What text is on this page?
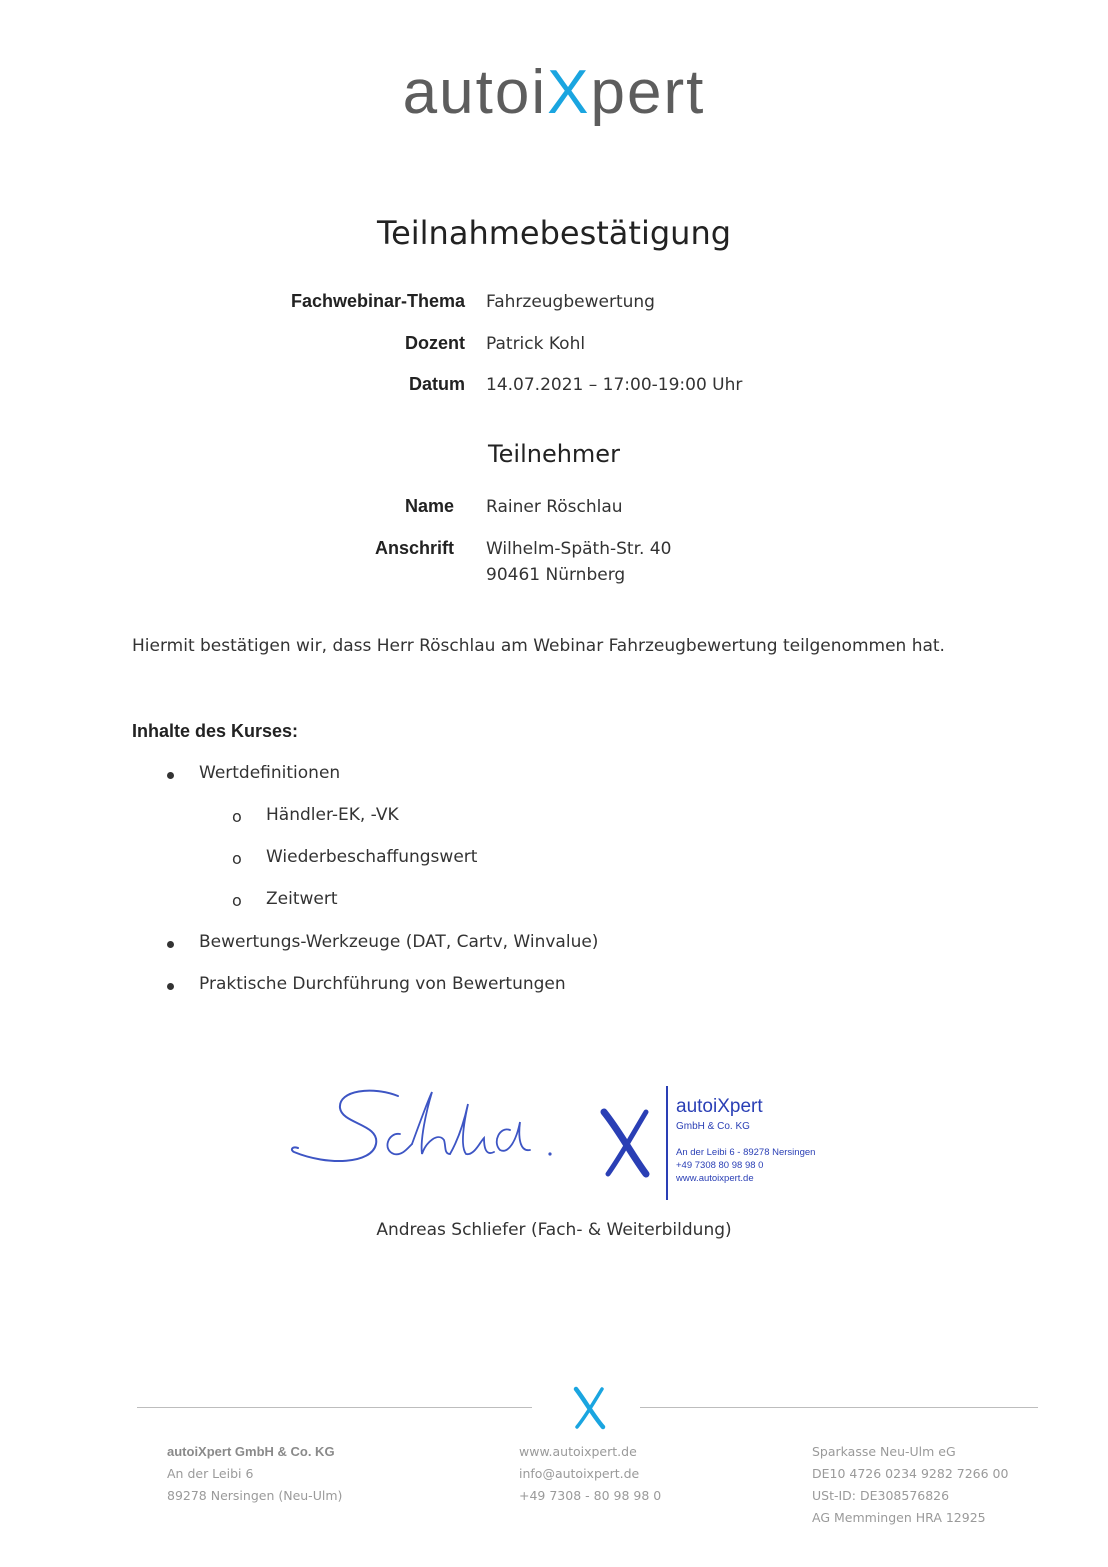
autoiXpert
Teilnahmebestätigung
Fachwebinar-Thema Fahrzeugbewertung
Dozent Patrick Kohl
Datum 14.07.2021 – 17:00-19:00 Uhr
Teilnehmer
Name Rainer Röschlau
Anschrift Wilhelm-Späth-Str. 40
90461 Nürnberg
Hiermit bestätigen wir, dass Herr Röschlau am Webinar Fahrzeugbewertung teilgenommen hat.
Inhalte des Kurses:
Wertdefinitionen
o Händler-EK, -VK
o Wiederbeschaffungswert
o Zeitwert
Bewertungs-Werkzeuge (DAT, Cartv, Winvalue)
Praktische Durchführung von Bewertungen
autoiXpert
GmbH & Co. KG
An der Leibi 6 - 89278 Nersingen
+49 7308 80 98 98 0
www.autoixpert.de
Andreas Schliefer (Fach- & Weiterbildung)
autoiXpert GmbH & Co. KG
An der Leibi 6
89278 Nersingen (Neu-Ulm)
www.autoixpert.de
info@autoixpert.de
+49 7308 - 80 98 98 0
Sparkasse Neu-Ulm eG
DE10 4726 0234 9282 7266 00
USt-ID: DE308576826
AG Memmingen HRA 12925
